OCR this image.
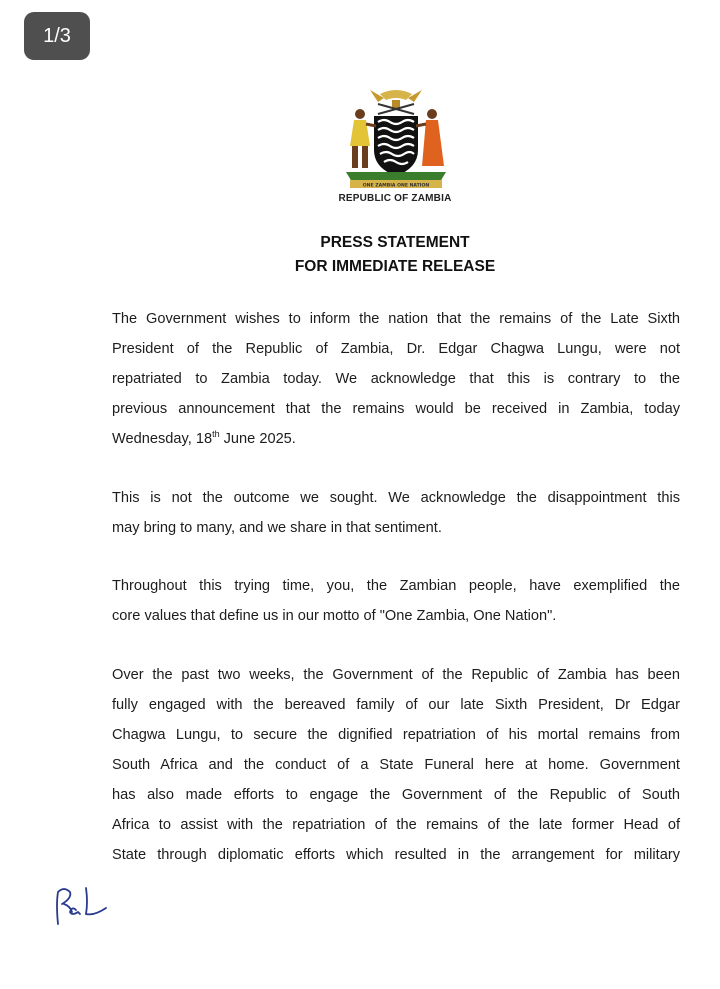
1/3
ONE ZAMBIA ONE NATION
REPUBLIC OF ZAMBIA
PRESS STATEMENT
FOR IMMEDIATE RELEASE
The Government wishes to inform the nation that the remains of the Late Sixth
President of the Republic of Zambia, Dr. Edgar Chagwa Lungu, were not
repatriated to Zambia today. We acknowledge that this is contrary to the
previous announcement that the remains would be received in Zambia, today
Wednesday, 18th June 2025.
This is not the outcome we sought. We acknowledge the disappointment this
may bring to many, and we share in that sentiment.
Throughout this trying time, you, the Zambian people, have exemplified the
core values that define us in our motto of "One Zambia, One Nation".
Over the past two weeks, the Government of the Republic of Zambia has been
fully engaged with the bereaved family of our late Sixth President, Dr Edgar
Chagwa Lungu, to secure the dignified repatriation of his mortal remains from
South Africa and the conduct of a State Funeral here at home. Government
has also made efforts to engage the Government of the Republic of South
Africa to assist with the repatriation of the remains of the late former Head of
State through diplomatic efforts which resulted in the arrangement for military
